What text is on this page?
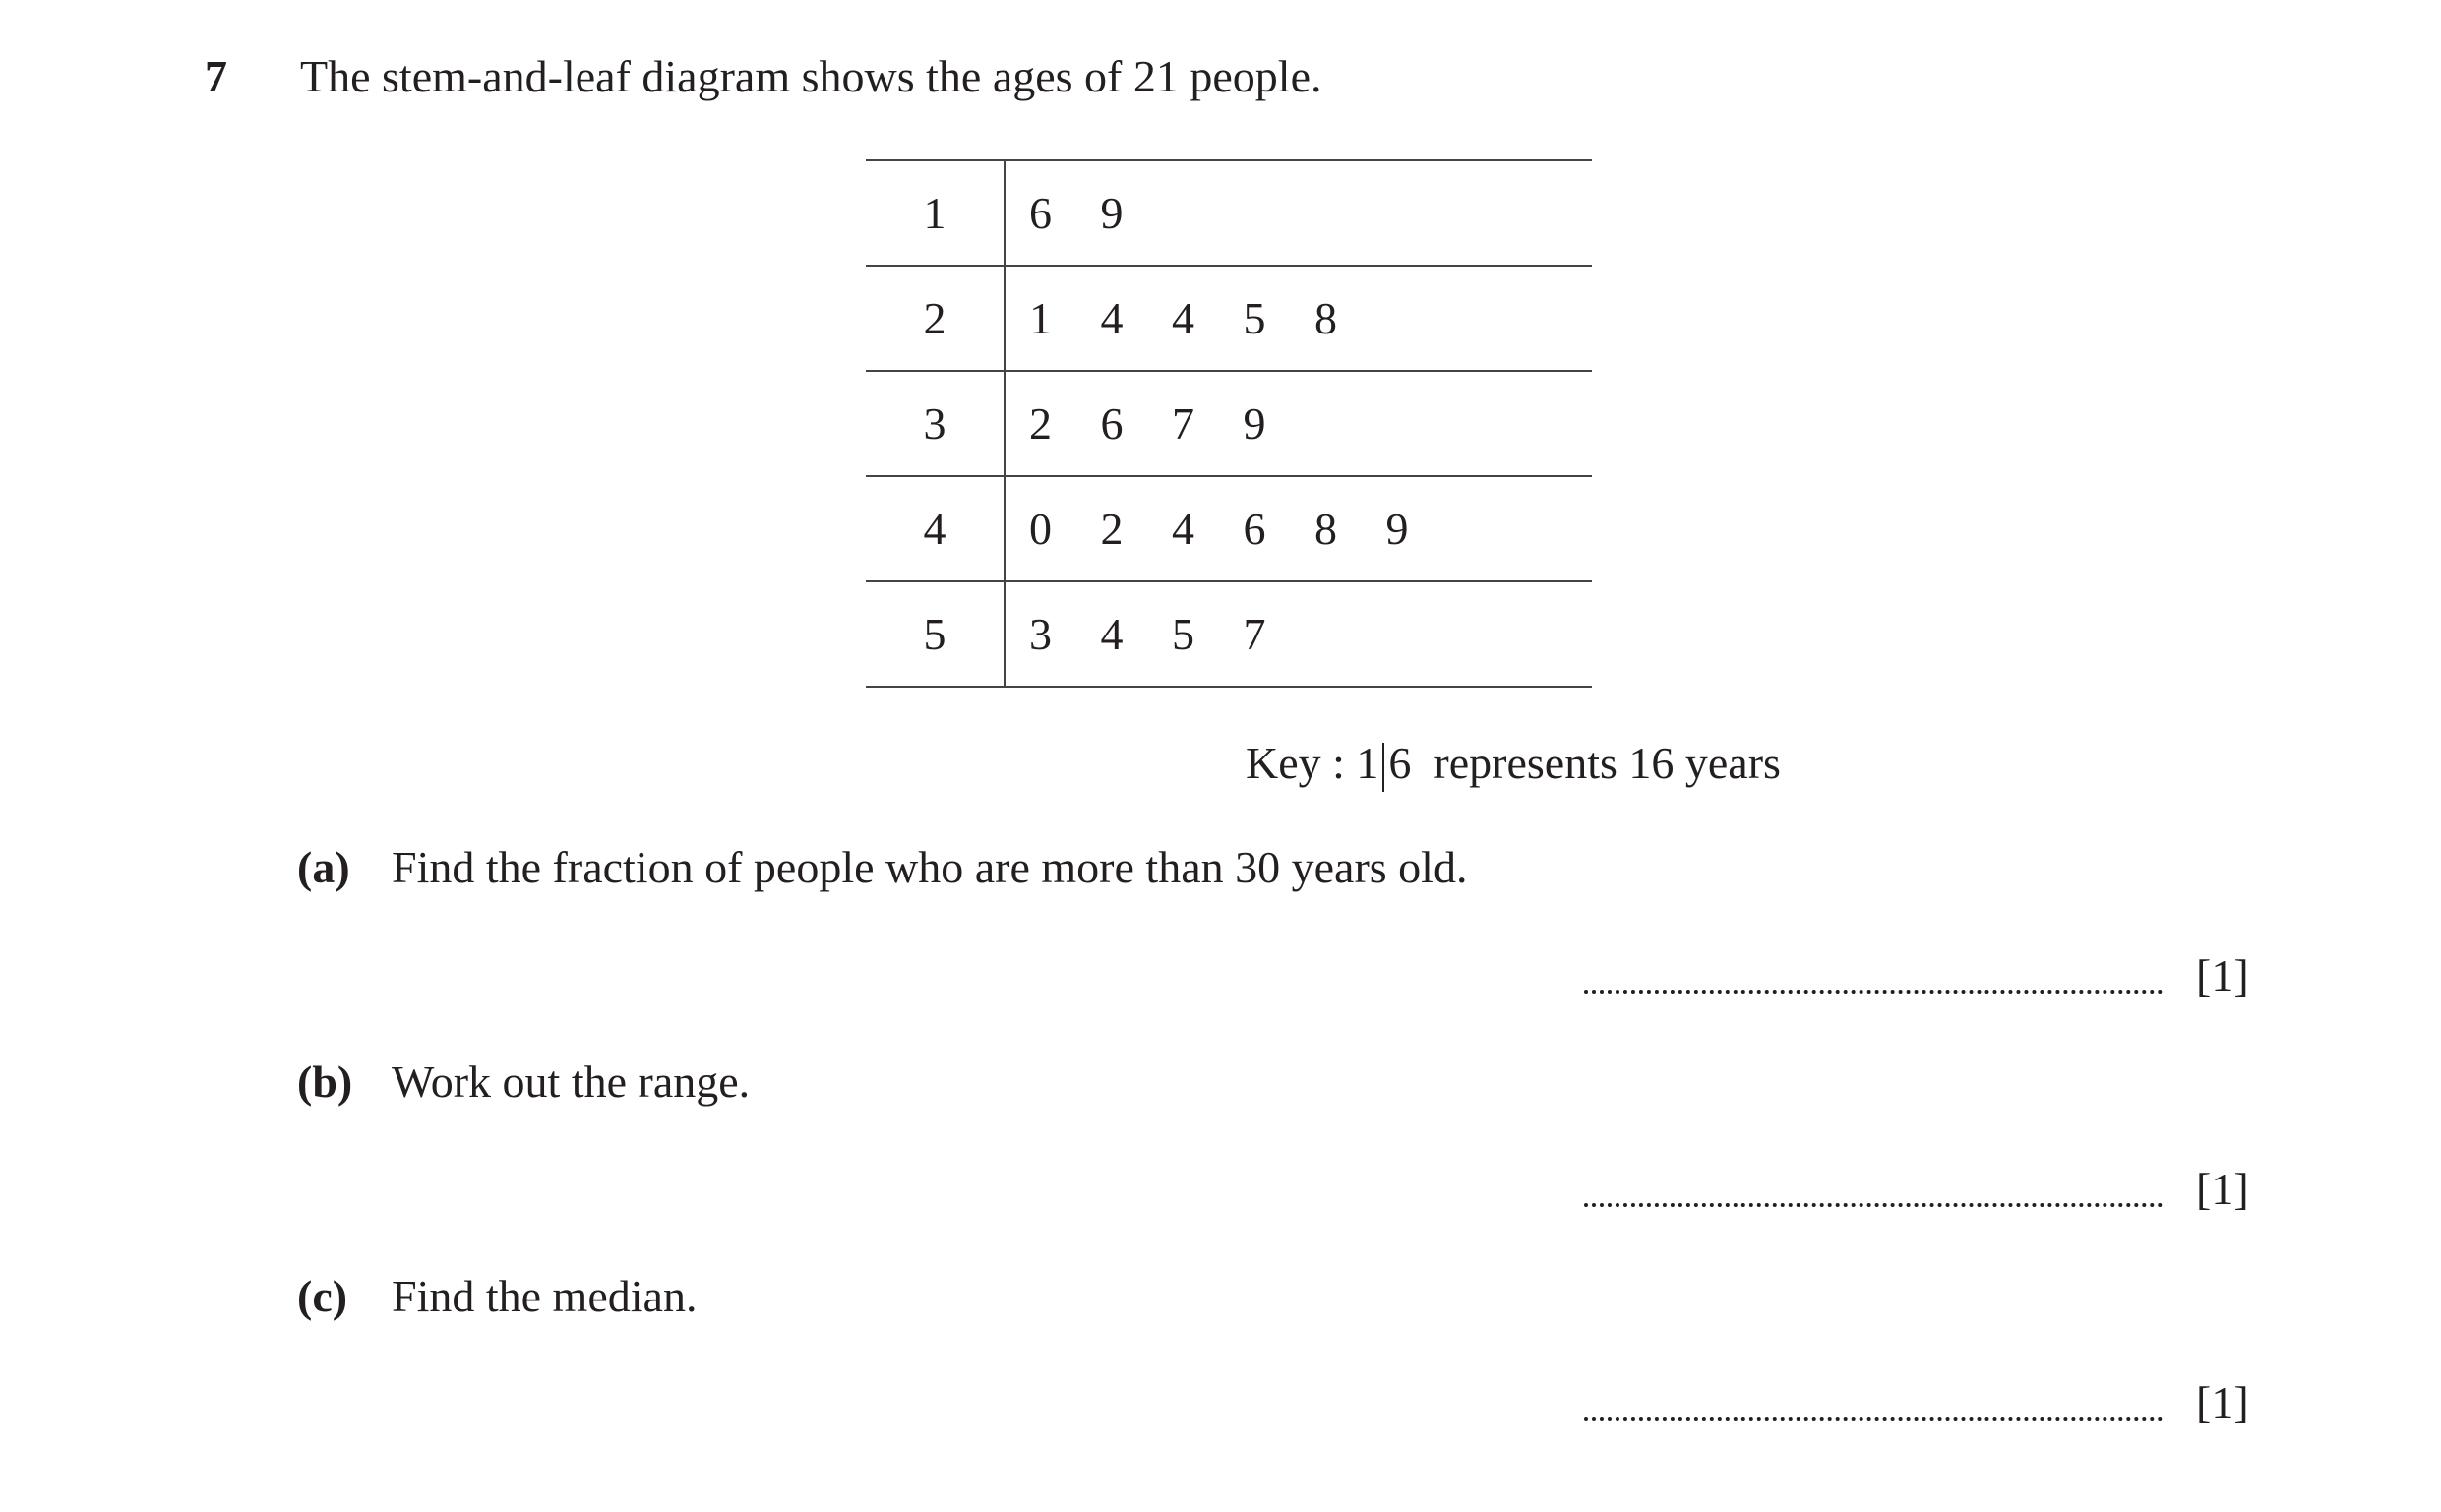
7 The stem-and-leaf diagram shows the ages of 21 people.
1	6	9
2	1	4	4	5	8
3	2	6	7	9
4	0	2	4	6	8	9
5	3	4	5	7
Key : 1 6 represents 16 years
(a) Find the fraction of people who are more than 30 years old.
[1]
(b) Work out the range.
[1]
(c) Find the median.
[1]
